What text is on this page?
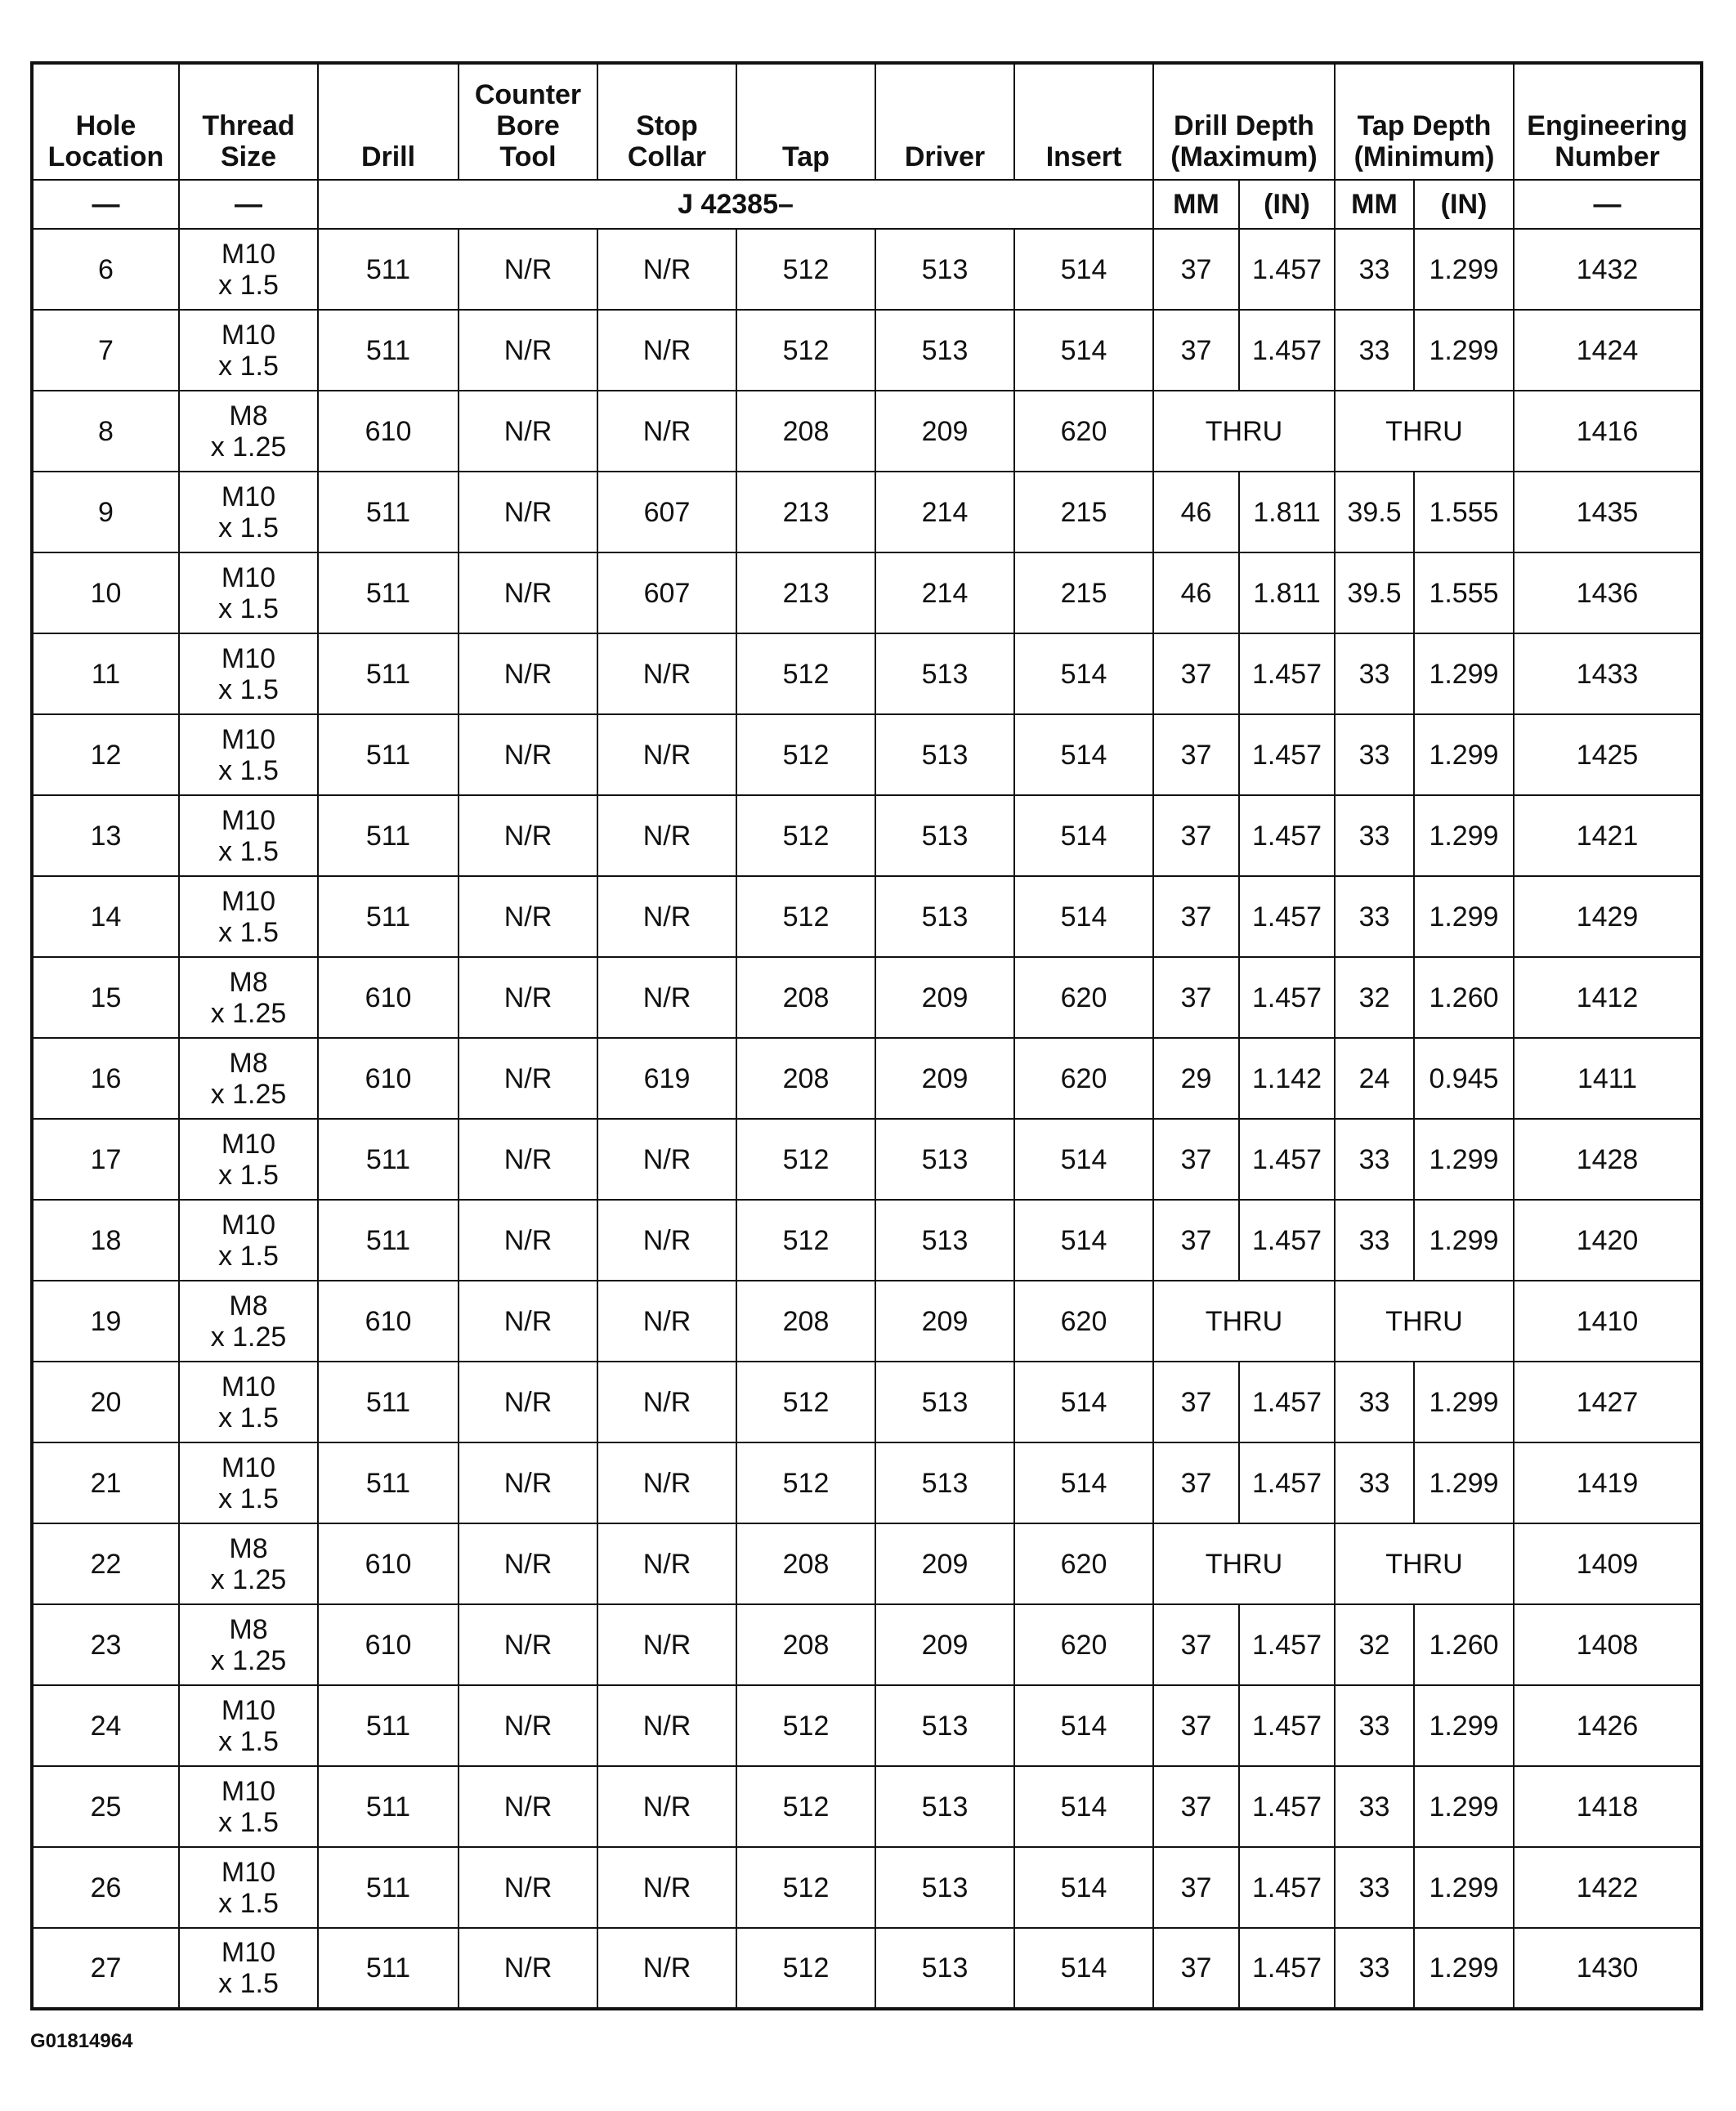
Hole
Location	Thread
Size	Drill	Counter
Bore
Tool	Stop
Collar	Tap	Driver	Insert	Drill Depth
(Maximum)		Tap Depth
(Minimum)		Engineering
Number

—	—	J 42385–						MM	(IN)	MM	(IN)	—
6	M10
x 1.5	511	N/R	N/R	512	513	514	37	1.457	33	1.299	1432
7	M10
x 1.5	511	N/R	N/R	512	513	514	37	1.457	33	1.299	1424
8	M8
x 1.25	610	N/R	N/R	208	209	620	THRU		THRU		1416
9	M10
x 1.5	511	N/R	607	213	214	215	46	1.811	39.5	1.555	1435
10	M10
x 1.5	511	N/R	607	213	214	215	46	1.811	39.5	1.555	1436
11	M10
x 1.5	511	N/R	N/R	512	513	514	37	1.457	33	1.299	1433
12	M10
x 1.5	511	N/R	N/R	512	513	514	37	1.457	33	1.299	1425
13	M10
x 1.5	511	N/R	N/R	512	513	514	37	1.457	33	1.299	1421
14	M10
x 1.5	511	N/R	N/R	512	513	514	37	1.457	33	1.299	1429
15	M8
x 1.25	610	N/R	N/R	208	209	620	37	1.457	32	1.260	1412
16	M8
x 1.25	610	N/R	619	208	209	620	29	1.142	24	0.945	1411
17	M10
x 1.5	511	N/R	N/R	512	513	514	37	1.457	33	1.299	1428
18	M10
x 1.5	511	N/R	N/R	512	513	514	37	1.457	33	1.299	1420
19	M8
x 1.25	610	N/R	N/R	208	209	620	THRU		THRU		1410
20	M10
x 1.5	511	N/R	N/R	512	513	514	37	1.457	33	1.299	1427
21	M10
x 1.5	511	N/R	N/R	512	513	514	37	1.457	33	1.299	1419
22	M8
x 1.25	610	N/R	N/R	208	209	620	THRU		THRU		1409
23	M8
x 1.25	610	N/R	N/R	208	209	620	37	1.457	32	1.260	1408
24	M10
x 1.5	511	N/R	N/R	512	513	514	37	1.457	33	1.299	1426
25	M10
x 1.5	511	N/R	N/R	512	513	514	37	1.457	33	1.299	1418
26	M10
x 1.5	511	N/R	N/R	512	513	514	37	1.457	33	1.299	1422
27	M10
x 1.5	511	N/R	N/R	512	513	514	37	1.457	33	1.299	1430
G01814964
